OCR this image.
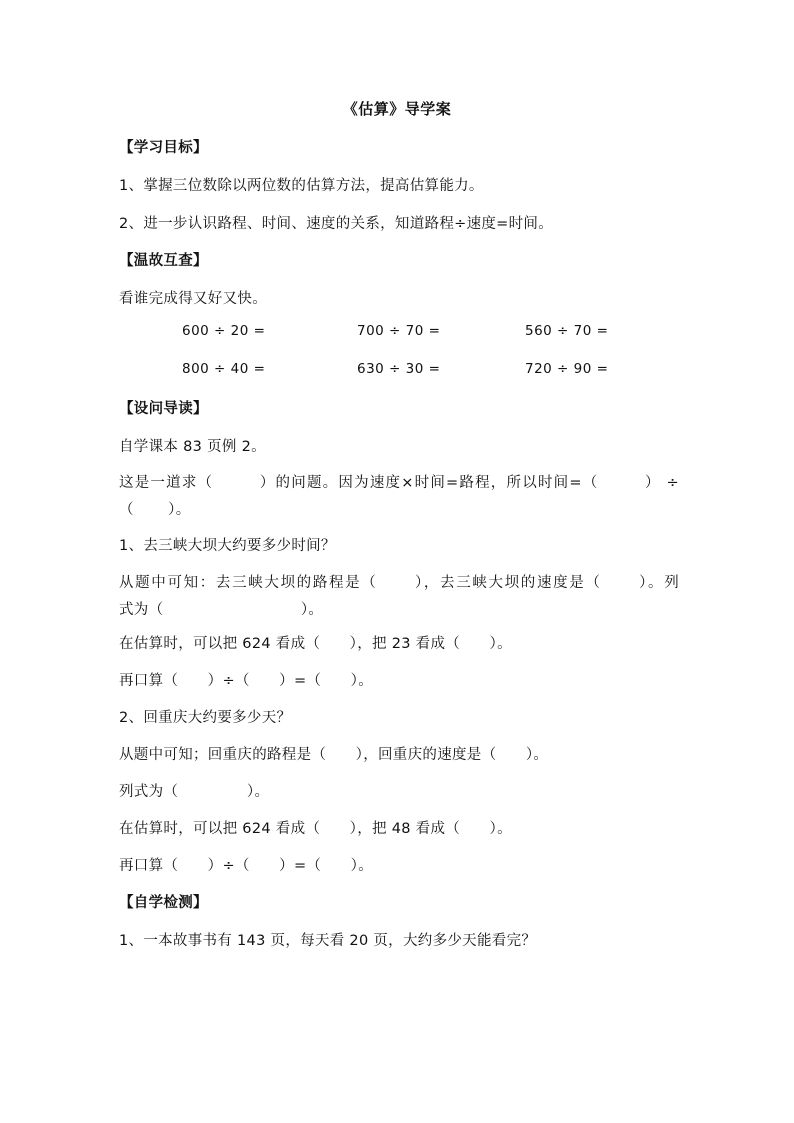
《估算》导学案
【学习目标】
1、掌握三位数除以两位数的估算方法，提高估算能力。
2、进一步认识路程、时间、速度的关系，知道路程÷速度=时间。
【温故互查】
看谁完成得又好又快。
600 ÷ 20 =	700 ÷ 70 =	560 ÷ 70 =
800 ÷ 40 =	630 ÷ 30 =	720 ÷ 90 =
【设问导读】
自学课本 83 页例 2。
这是一道求（        ）的问题。因为速度×时间=路程，所以时间=（        ） ÷
（       ）。
1、去三峡大坝大约要多少时间？
从题中可知：去三峡大坝的路程是（      ），去三峡大坝的速度是（      ）。列
式为（                            ）。
在估算时，可以把 624 看成（      ），把 23 看成（      ）。
再口算（      ）÷（      ）=（      ）。
2、回重庆大约要多少天？
从题中可知；回重庆的路程是（      ），回重庆的速度是（      ）。
列式为（              ）。
在估算时，可以把 624 看成（      ），把 48 看成（      ）。
再口算（      ）÷（      ）=（      ）。
【自学检测】
1、一本故事书有 143 页，每天看 20 页，大约多少天能看完？
